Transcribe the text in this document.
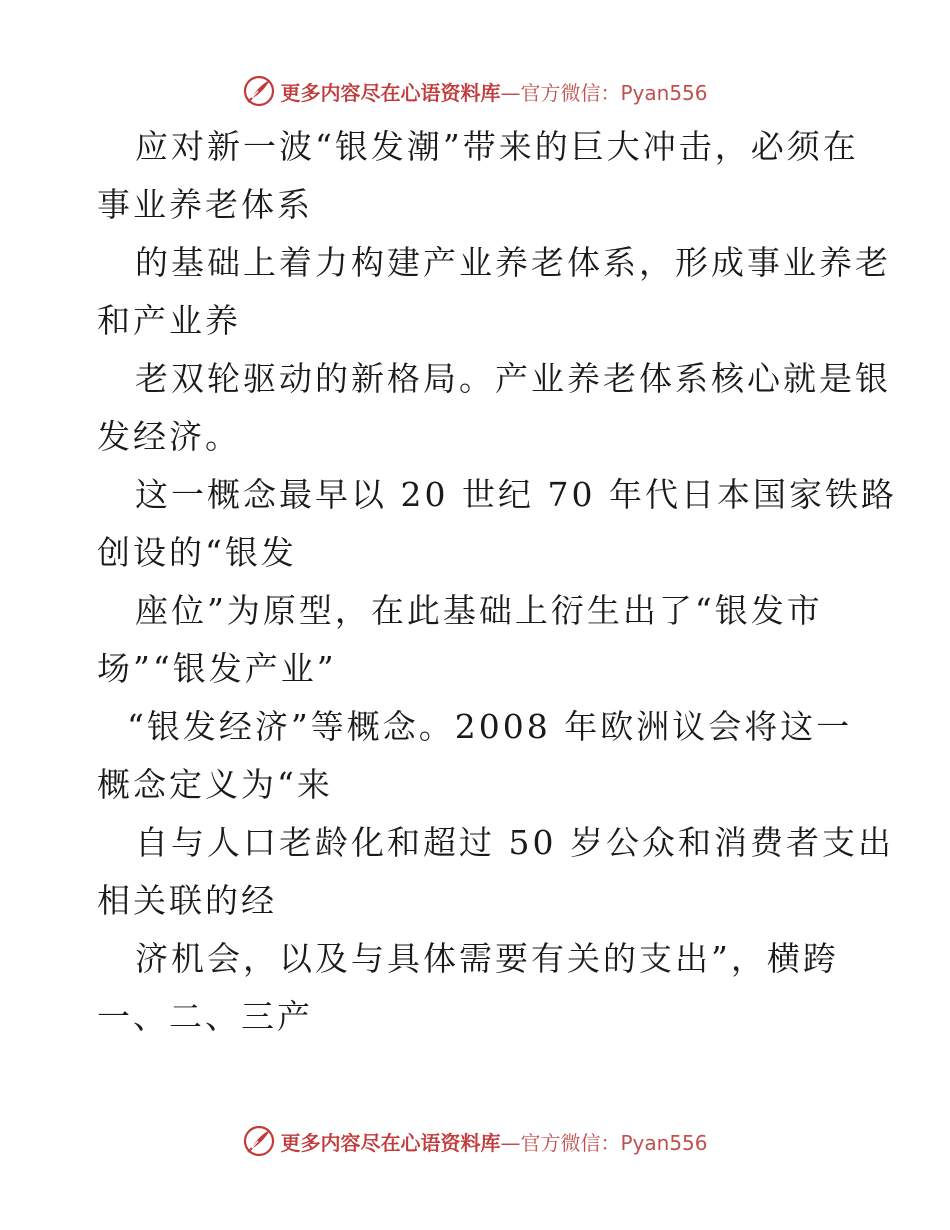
更多内容尽在心语资料库—官方微信：Pyan556
应对新一波“银发潮”带来的巨大冲击，必须在
事业养老体系
的基础上着力构建产业养老体系，形成事业养老
和产业养
老双轮驱动的新格局。产业养老体系核心就是银
发经济。
这一概念最早以 20 世纪 70 年代日本国家铁路
创设的“银发
座位”为原型，在此基础上衍生出了“银发市
场”“银发产业”
“银发经济”等概念。2008 年欧洲议会将这一
概念定义为“来
自与人口老龄化和超过 50 岁公众和消费者支出
相关联的经
济机会，以及与具体需要有关的支出”，横跨
一、二、三产
更多内容尽在心语资料库—官方微信：Pyan556
